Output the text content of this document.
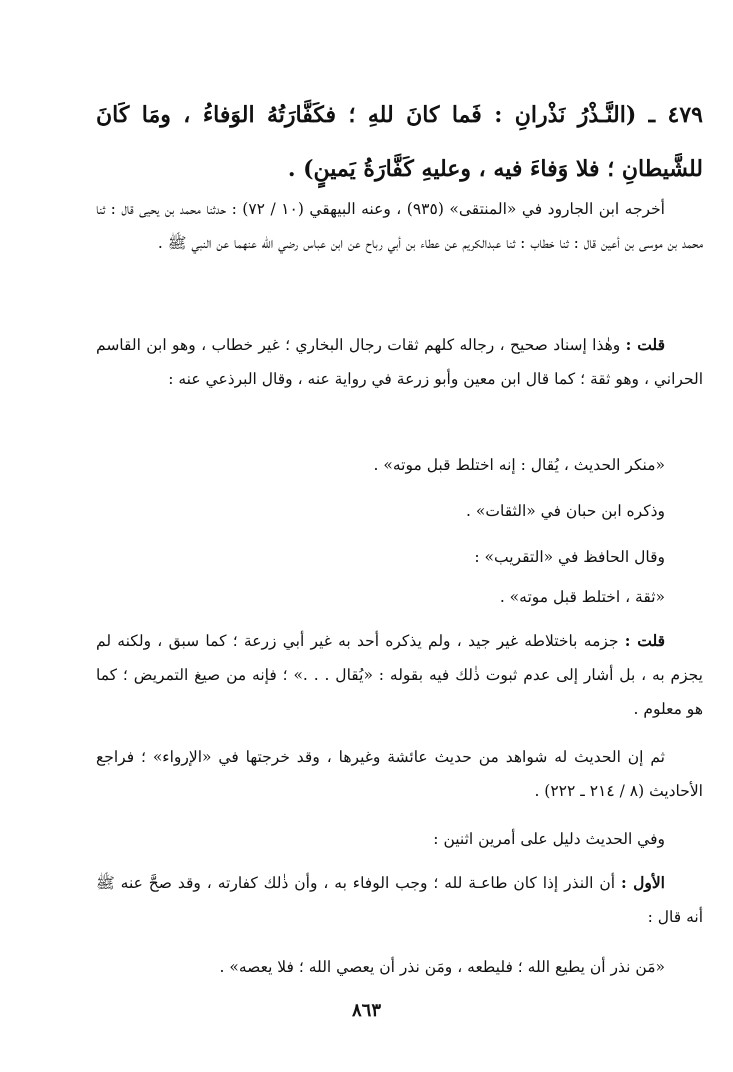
٤٧٩ ـ (النَّـذْرُ نَذْرانِ : فَما كانَ للهِ ؛ فكَفَّارَتُهُ الوَفاءُ ، ومَا كَانَ للشَّيطانِ ؛ فلا وَفاءَ فيه ، وعليهِ كَفَّارَةُ يَمينٍ) .

أخرجه ابن الجارود في «المنتقى» (٩٣٥) ، وعنه البيهقي (١٠ / ٧٢) : حدثنا محمد بن يحيى قال : ثنا محمد بن موسى بن أعين قال : ثنا خطاب : ثنا عبدالكريم عن عطاء بن أبي رباح عن ابن عباس رضي الله عنهما عن النبي ﷺ .

قلت : وهٰذا إسناد صحيح ، رجاله كلهم ثقات رجال البخاري ؛ غير خطاب ، وهو ابن القاسم الحراني ، وهو ثقة ؛ كما قال ابن معين وأبو زرعة في رواية عنه ، وقال البرذعي عنه :

«منكر الحديث ، يُقال : إنه اختلط قبل موته» .

وذكره ابن حبان في «الثقات» .

وقال الحافظ في «التقريب» :

«ثقة ، اختلط قبل موته» .

قلت : جزمه باختلاطه غير جيد ، ولم يذكره أحد به غير أبي زرعة ؛ كما سبق ، ولكنه لم يجزم به ، بل أشار إلى عدم ثبوت ذٰلك فيه بقوله : «يُقال . . .» ؛ فإنه من صيغ التمريض ؛ كما هو معلوم .

ثم إن الحديث له شواهد من حديث عائشة وغيرها ، وقد خرجتها في «الإرواء» ؛ فراجع الأحاديث (٨ / ٢١٤ ـ ٢٢٢) .

وفي الحديث دليل على أمرين اثنين :

الأول : أن النذر إذا كان طاعـة لله ؛ وجب الوفاء به ، وأن ذٰلك كفارته ، وقد صحَّ عنه ﷺ أنه قال :

«مَن نذر أن يطيع الله ؛ فليطعه ، ومَن نذر أن يعصي الله ؛ فلا يعصه» .

٨٦٣
